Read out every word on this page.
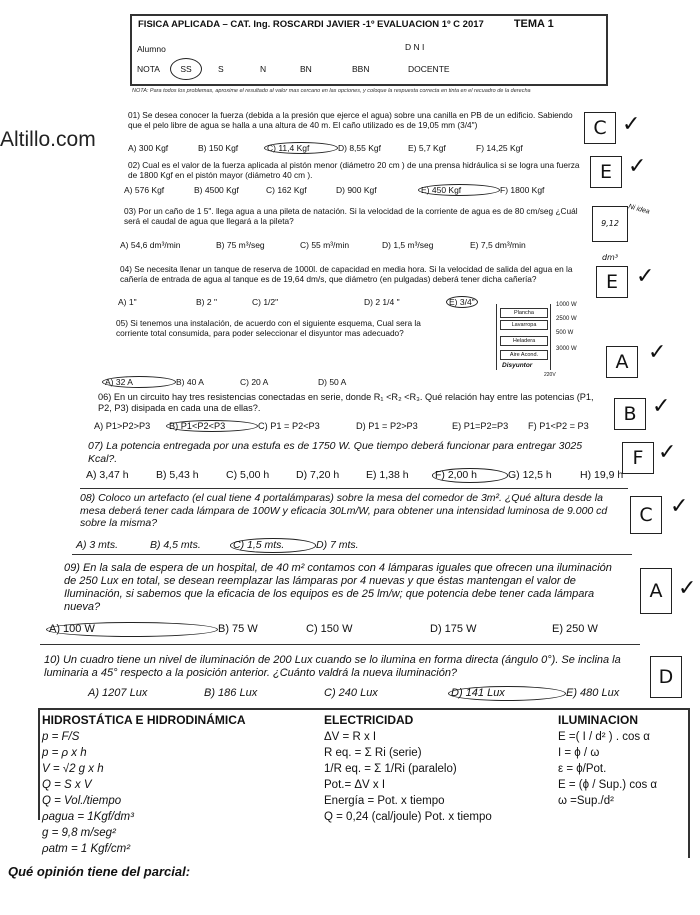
Altillo.com
FISICA APLICADA – CAT. Ing. ROSCARDI JAVIER -1º EVALUACION 1º C 2017	TEMA 1
Alumno	D N I
NOTA	SS	S	N	BN	BBN	DOCENTE
NOTA: Para todos los problemas, aproxime el resultado al valor mas cercano en las opciones, y coloque la respuesta correcta en tinta en el recuadro de la derecha
01) Se desea conocer la fuerza (debida a la presión que ejerce el agua) sobre una canilla en PB de un edificio. Sabiendo que el pelo libre de agua se halla a una altura de 40 m. El caño utilizado es de 19,05 mm (3/4")
A) 300 Kgf	B) 150 Kgf	C) 11,4 Kgf	D) 8,55 Kgf	E) 5,7 Kgf	F) 14,25 Kgf
C ✓
02) Cual es el valor de la fuerza aplicada al pistón menor (diámetro 20 cm ) de una prensa hidráulica si se logra una fuerza de 1800 Kgf en el pistón mayor (diámetro 40 cm ).
A) 576 Kgf	B) 4500 Kgf	C) 162 Kgf	D) 900 Kgf	E) 450 Kgf	F) 1800 Kgf
E ✓
03) Por un caño de 1 5". llega agua a una pileta de natación. Si la velocidad de la corriente de agua es de 80 cm/seg ¿Cuál será el caudal de agua que llegará a la pileta?
A) 54,6 dm³/min	B) 75 m³/seg	C) 55 m³/min	D) 1,5 m³/seg	E) 7,5 dm³/min
9,12 dm³
Ni idea
04) Se necesita llenar un tanque de reserva de 1000l. de capacidad en media hora. Si la velocidad de salida del agua en la cañería de entrada de agua al tanque es de 19,64 dm/s, que diámetro (en pulgadas) deberá tener dicha cañería?
A) 1"	B) 2 "	C) 1/2"	D) 2 1/4 "	E) 3/4"
E ✓
05) Si tenemos una instalación, de acuerdo con el siguiente esquema, Cual sera la corriente total consumida, para poder seleccionar el disyuntor mas adecuado?
Plancha
Lavarropa
Heladera
Aire Acond.
1000 W
2500 W
500 W
3000 W
Disyuntor
220V
A) 32 A	B) 40 A	C) 20 A	D) 50 A
A ✓
06) En un circuito hay tres resistencias conectadas en serie, donde R₁ <R₂ <R₃. Qué relación hay entre las potencias (P1, P2, P3) disipada en cada una de ellas?.
A) P1>P2>P3 B) P1<P2<P3	C) P1 = P2<P3	D) P1 = P2>P3	E) P1=P2=P3 F) P1<P2 = P3
B ✓
07) La potencia entregada por una estufa es de 1750 W. Que tiempo deberá funcionar para entregar 3025 Kcal?.
A) 3,47 h	B) 5,43 h	C) 5,00 h	D) 7,20 h	E) 1,38 h	F) 2,00 h	G) 12,5 h	H) 19,9 h
F ✓
08) Coloco un artefacto (el cual tiene 4 portalámparas) sobre la mesa del comedor de 3m². ¿Qué altura desde la mesa deberá tener cada lámpara de 100W y eficacia 30Lm/W, para obtener una intensidad luminosa de 9.000 cd sobre la misma?
A) 3 mts.	B) 4,5 mts.	C) 1,5 mts.	D) 7 mts.
C ✓
09) En la sala de espera de un hospital, de 40 m² contamos con 4 lámparas iguales que ofrecen una iluminación de 250 Lux en total, se desean reemplazar las lámparas por 4 nuevas y que éstas mantengan el valor de Iluminación, si sabemos que la eficacia de los equipos es de 25 lm/w; que potencia debe tener cada lámpara nueva?
A) 100 W	B) 75 W	C) 150 W	D) 175 W	E) 250 W
A ✓
10) Un cuadro tiene un nivel de iluminación de 200 Lux cuando se lo ilumina en forma directa (ángulo 0°). Se inclina la luminaria a 45° respecto a la posición anterior. ¿Cuánto valdrá la nueva iluminación?
A) 1207 Lux	B) 186 Lux	C) 240 Lux	D) 141 Lux	E) 480 Lux
D
HIDROSTÁTICA E HIDRODINÁMICA
p = F/S
p = ρ x h
V = √2 g x h
Q = S x V
Q = Vol./tiempo
ρagua = 1Kgf/dm³
g = 9,8 m/seg²
ρatm = 1 Kgf/cm²
ELECTRICIDAD
ΔV = R x I
R eq. = Σ Ri (serie)
1/R eq. = Σ 1/Ri (paralelo)
Pot.= ΔV x I
Energía = Pot. x tiempo
Q = 0,24 (cal/joule) Pot. x tiempo
ILUMINACION
E =( I / d² ) . cos α
I = ϕ / ω
ε = ϕ/Pot.
E = (ϕ / Sup.) cos α
ω =Sup./d²
Qué opinión tiene del parcial:
